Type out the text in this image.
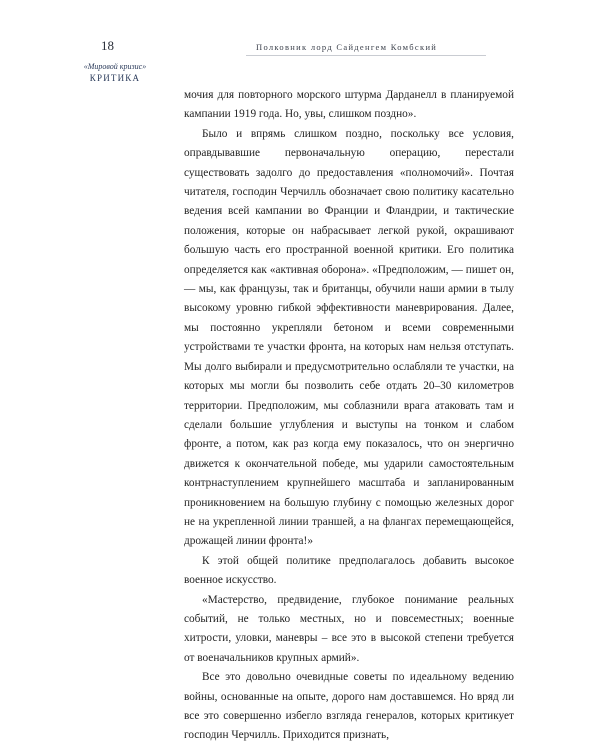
18	Полковник лорд Сайденгем Комбский
«Мировой кризис»
КРИТИКА

мочия для повторного морского штурма Дарданелл в планируемой кампании 1919 года. Но, увы, слишком поздно».

Было и впрямь слишком поздно, поскольку все условия, оправдывавшие первоначальную операцию, перестали существовать задолго до предоставления «полномочий». Почтая читателя, господин Черчилль обозначает свою политику касательно ведения всей кампании во Франции и Фландрии, и тактические положения, которые он набрасывает легкой рукой, окрашивают большую часть его пространной военной критики. Его политика определяется как «активная оборона». «Предположим, — пишет он, — мы, как французы, так и британцы, обучили наши армии в тылу высокому уровню гибкой эффективности маневрирования. Далее, мы постоянно укрепляли бетоном и всеми современными устройствами те участки фронта, на которых нам нельзя отступать. Мы долго выбирали и предусмотрительно ослабляли те участки, на которых мы могли бы позволить себе отдать 20–30 километров территории. Предположим, мы соблазнили врага атаковать там и сделали большие углубления и выступы на тонком и слабом фронте, а потом, как раз когда ему показалось, что он энергично движется к окончательной победе, мы ударили самостоятельным контрнаступлением крупнейшего масштаба и запланированным проникновением на большую глубину с помощью железных дорог не на укрепленной линии траншей, а на флангах перемещающейся, дрожащей линии фронта!»

К этой общей политике предполагалось добавить высокое военное искусство.

«Мастерство, предвидение, глубокое понимание реальных событий, не только местных, но и повсеместных; военные хитрости, уловки, маневры – все это в высокой степени требуется от военачальников крупных армий».

Все это довольно очевидные советы по идеальному ведению войны, основанные на опыте, дорого нам доставшемся. Но вряд ли все это совершенно избегло взгляда генералов, которых критикует господин Черчилль. Приходится признать,
